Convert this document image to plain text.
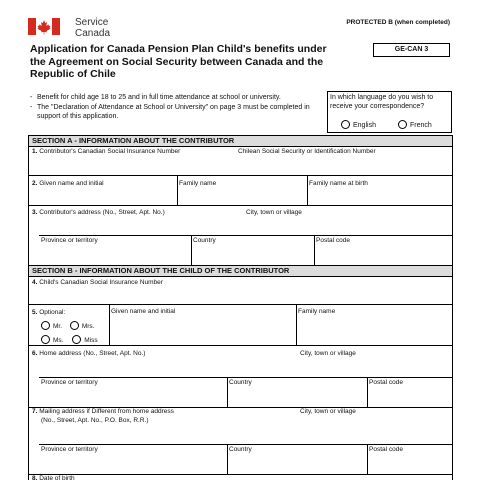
Service
Canada
PROTECTED B (when completed)
GE-CAN 3
Application for Canada Pension Plan Child's benefits under the Agreement on Social Security between Canada and the Republic of Chile
- Benefit for child age 18 to 25 and in full time attendance at school or university.
- The "Declaration of Attendance at School or University" on page 3 must be completed in support of this application.
In which language do you wish to receive your correspondence?
English	French
SECTION A - INFORMATION ABOUT THE CONTRIBUTOR
1. Contributor's Canadian Social Insurance Number	Chilean Social Security or Identification Number
2. Given name and initial	Family name	Family name at birth
3. Contributor's address (No., Street, Apt. No.)	City, town or village
Province or territory	Country	Postal code
SECTION B - INFORMATION ABOUT THE CHILD OF THE CONTRIBUTOR
4. Child's Canadian Social Insurance Number
5. Optional:
Mr.	Mrs.
Ms.	Miss
Given name and initial	Family name
6. Home address (No., Street, Apt. No.)	City, town or village
Province or territory	Country	Postal code
7. Mailing address if Different from home address
(No., Street, Apt. No., P.O. Box, R.R.)
City, town or village
Province or territory	Country	Postal code
8. Date of birth
